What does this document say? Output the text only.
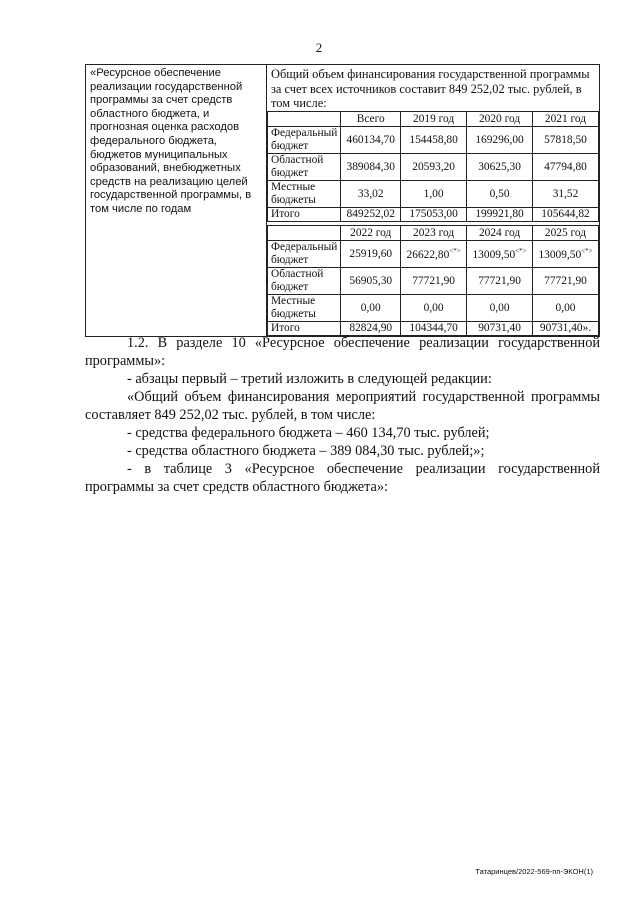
2
«Ресурсное обеспечение реализации государственной программы за счет средств областного бюджета, и прогнозная оценка расходов федерального бюджета, бюджетов муниципальных образований, внебюджетных средств на реализацию целей государственной программы, в том числе по годам	
Общий объем финансирования государственной программы за счет всех источников составит 849 252,02 тыс. рублей, в том числе:
	Всего	2019 год	2020 год	2021 год
Федеральный бюджет	460134,70	154458,80	169296,00	57818,50
Областной бюджет	389084,30	20593,20	30625,30	47794,80
Местные бюджеты	33,02	1,00	0,50	31,52
Итого	849252,02	175053,00	199921,80	105644,82

	2022 год	2023 год	2024 год	2025 год
Федеральный бюджет	25919,60	26622,80<*>	13009,50<*>	13009,50<*>
Областной бюджет	56905,30	77721,90	77721,90	77721,90
Местные бюджеты	0,00	0,00	0,00	0,00
Итого	82824,90	104344,70	90731,40	90731,40».

1.2. В разделе 10 «Ресурсное обеспечение реализации государственной программы»:

- абзацы первый – третий изложить в следующей редакции:

«Общий объем финансирования мероприятий государственной программы составляет 849 252,02 тыс. рублей, в том числе:

- средства федерального бюджета – 460 134,70 тыс. рублей;

- средства областного бюджета – 389 084,30 тыс. рублей;»;

- в таблице 3 «Ресурсное обеспечение реализации государственной программы за счет средств областного бюджета»:

Татаринцев/2022-569-пп-ЭКОН(1)
